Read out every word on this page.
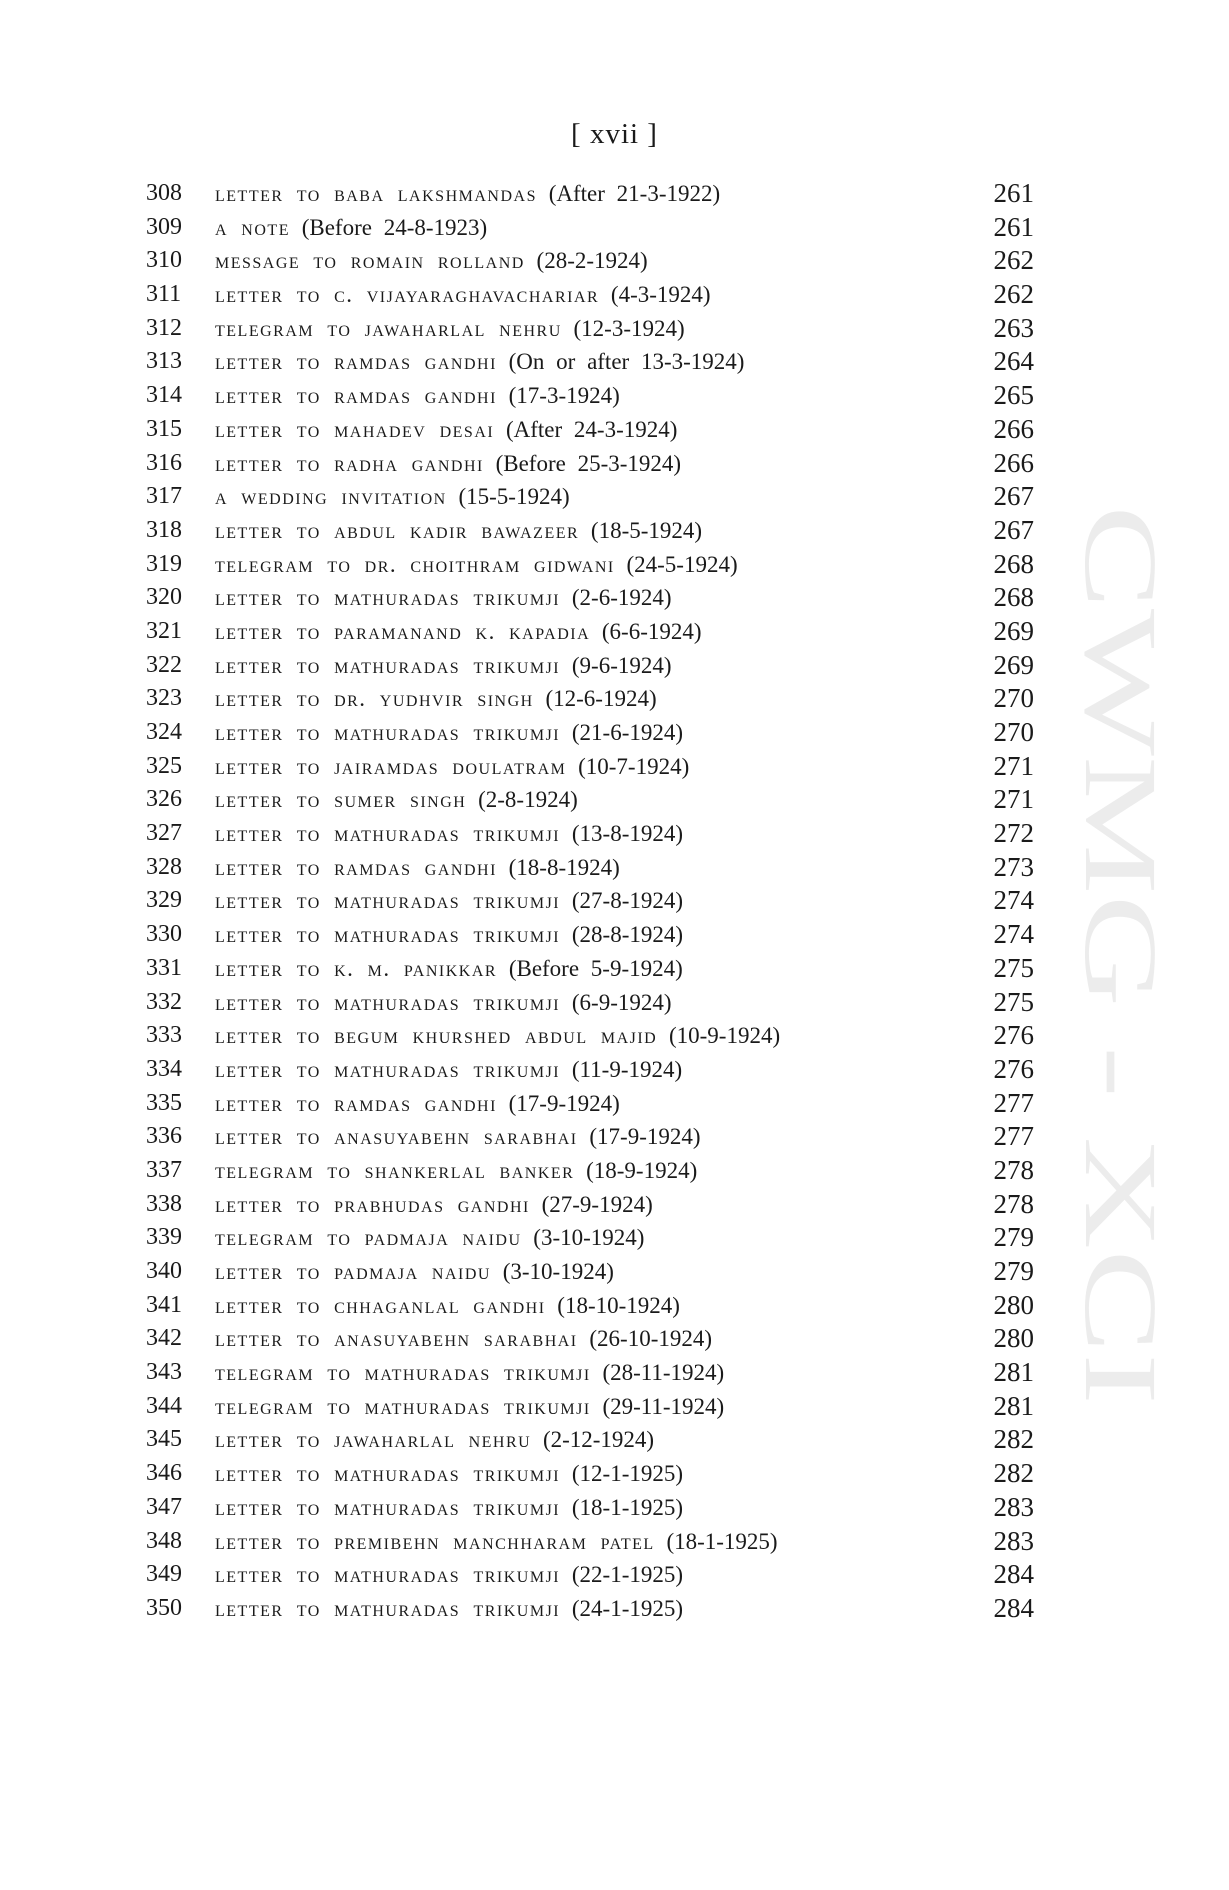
[ xvii ]
CWMG - XCI
308 letter to baba lakshmandas (After 21-3-1922)	261
309 a note (Before 24-8-1923)	261
310 message to romain rolland (28-2-1924)	262
311 letter to c. vijayaraghavachariar (4-3-1924)	262
312 telegram to jawaharlal nehru (12-3-1924)	263
313 letter to ramdas gandhi (On or after 13-3-1924)	264
314 letter to ramdas gandhi (17-3-1924)	265
315 letter to mahadev desai (After 24-3-1924)	266
316 letter to radha gandhi (Before 25-3-1924)	266
317 a wedding invitation (15-5-1924)	267
318 letter to abdul kadir bawazeer (18-5-1924)	267
319 telegram to dr. choithram gidwani (24-5-1924)	268
320 letter to mathuradas trikumji (2-6-1924)	268
321 letter to paramanand k. kapadia (6-6-1924)	269
322 letter to mathuradas trikumji (9-6-1924)	269
323 letter to dr. yudhvir singh (12-6-1924)	270
324 letter to mathuradas trikumji (21-6-1924)	270
325 letter to jairamdas doulatram (10-7-1924)	271
326 letter to sumer singh (2-8-1924)	271
327 letter to mathuradas trikumji (13-8-1924)	272
328 letter to ramdas gandhi (18-8-1924)	273
329 letter to mathuradas trikumji (27-8-1924)	274
330 letter to mathuradas trikumji (28-8-1924)	274
331 letter to k. m. panikkar (Before 5-9-1924)	275
332 letter to mathuradas trikumji (6-9-1924)	275
333 letter to begum khurshed abdul majid (10-9-1924)	276
334 letter to mathuradas trikumji (11-9-1924)	276
335 letter to ramdas gandhi (17-9-1924)	277
336 letter to anasuyabehn sarabhai (17-9-1924)	277
337 telegram to shankerlal banker (18-9-1924)	278
338 letter to prabhudas gandhi (27-9-1924)	278
339 telegram to padmaja naidu (3-10-1924)	279
340 letter to padmaja naidu (3-10-1924)	279
341 letter to chhaganlal gandhi (18-10-1924)	280
342 letter to anasuyabehn sarabhai (26-10-1924)	280
343 telegram to mathuradas trikumji (28-11-1924)	281
344 telegram to mathuradas trikumji (29-11-1924)	281
345 letter to jawaharlal nehru (2-12-1924)	282
346 letter to mathuradas trikumji (12-1-1925)	282
347 letter to mathuradas trikumji (18-1-1925)	283
348 letter to premibehn manchharam patel (18-1-1925)	283
349 letter to mathuradas trikumji (22-1-1925)	284
350 letter to mathuradas trikumji (24-1-1925)	284
